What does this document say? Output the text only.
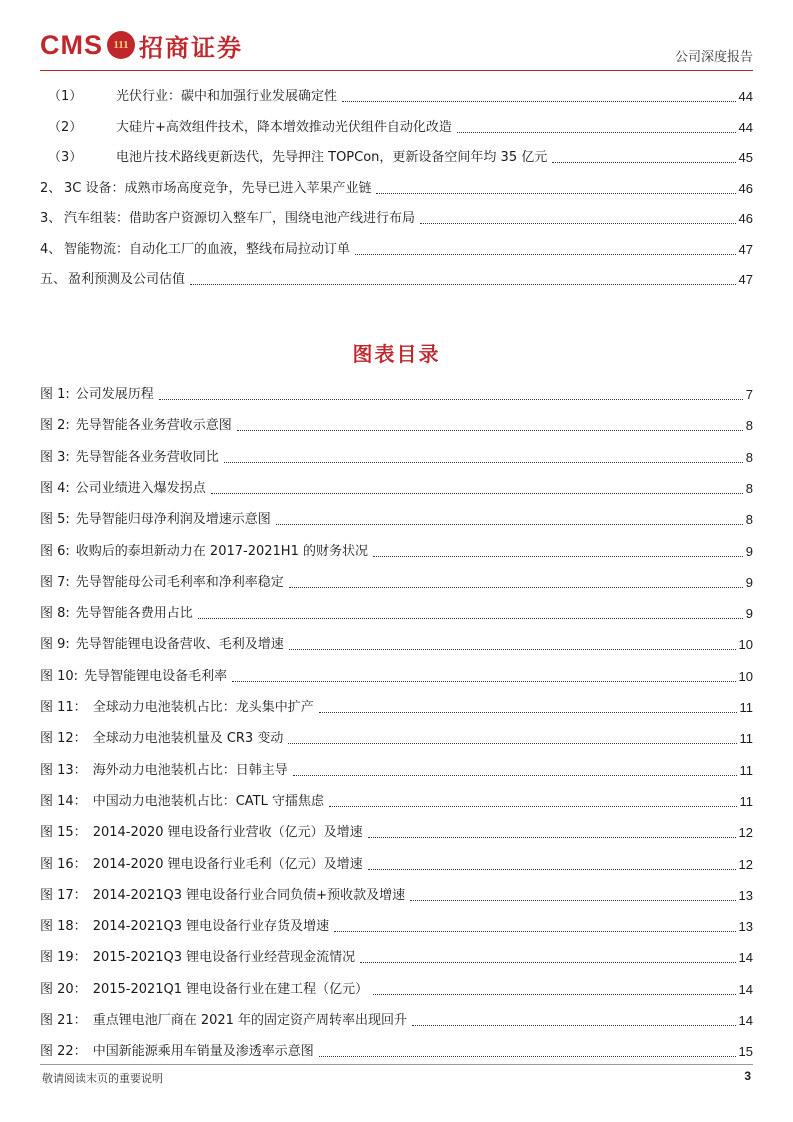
CMS 111 招商证券	公司深度报告
（1）	光伏行业：碳中和加强行业发展确定性	44
（2）	大硅片+高效组件技术，降本增效推动光伏组件自动化改造	44
（3）	电池片技术路线更新迭代，先导押注 TOPCon，更新设备空间年均 35 亿元	45
2、 3C 设备：成熟市场高度竞争，先导已进入苹果产业链	46
3、 汽车组装：借助客户资源切入整车厂，围绕电池产线进行布局	46
4、 智能物流：自动化工厂的血液，整线布局拉动订单	47
五、 盈利预测及公司估值	47
图表目录
图 1: 公司发展历程	7
图 2: 先导智能各业务营收示意图	8
图 3: 先导智能各业务营收同比	8
图 4: 公司业绩进入爆发拐点	8
图 5: 先导智能归母净利润及增速示意图	8
图 6: 收购后的泰坦新动力在 2017-2021H1 的财务状况	9
图 7: 先导智能母公司毛利率和净利率稳定	9
图 8: 先导智能各费用占比	9
图 9: 先导智能锂电设备营收、毛利及增速	10
图 10: 先导智能锂电设备毛利率	10
图 11： 全球动力电池装机占比：龙头集中扩产	11
图 12： 全球动力电池装机量及 CR3 变动	11
图 13： 海外动力电池装机占比：日韩主导	11
图 14： 中国动力电池装机占比：CATL 守擂焦虑	11
图 15： 2014-2020 锂电设备行业营收（亿元）及增速	12
图 16： 2014-2020 锂电设备行业毛利（亿元）及增速	12
图 17： 2014-2021Q3 锂电设备行业合同负债+预收款及增速	13
图 18： 2014-2021Q3 锂电设备行业存货及增速	13
图 19： 2015-2021Q3 锂电设备行业经营现金流情况	14
图 20： 2015-2021Q1 锂电设备行业在建工程（亿元）	14
图 21： 重点锂电池厂商在 2021 年的固定资产周转率出现回升	14
图 22： 中国新能源乘用车销量及渗透率示意图	15
敬请阅读末页的重要说明	3
